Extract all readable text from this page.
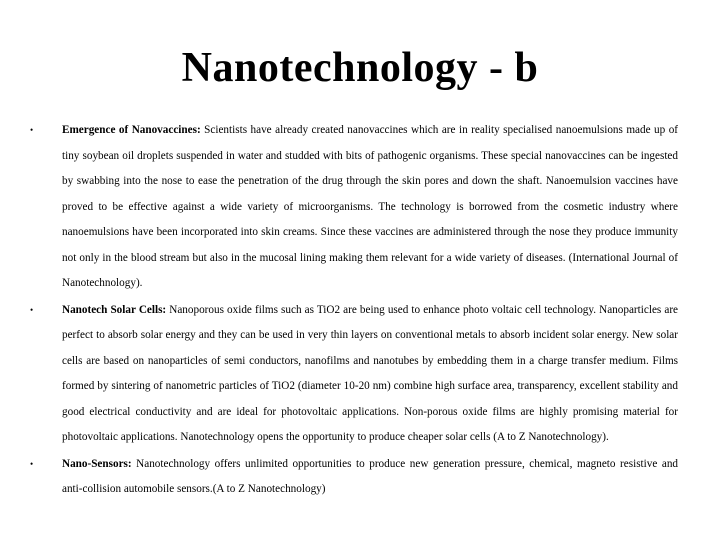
Nanotechnology - b
•	Emergence of Nanovaccines: Scientists have already created nanovaccines which are in reality specialised nanoemulsions made up of tiny soybean oil droplets suspended in water and studded with bits of pathogenic organisms. These special nanovaccines can be ingested by swabbing into the nose to ease the penetration of the drug through the skin pores and down the shaft. Nanoemulsion vaccines have proved to be effective against a wide variety of microorganisms. The technology is borrowed from the cosmetic industry where nanoemulsions have been incorporated into skin creams. Since these vaccines are administered through the nose they produce immunity not only in the blood stream but also in the mucosal lining making them relevant for a wide variety of diseases. (International Journal of Nanotechnology).
•	Nanotech Solar Cells: Nanoporous oxide films such as TiO2 are being used to enhance photo voltaic cell technology. Nanoparticles are perfect to absorb solar energy and they can be used in very thin layers on conventional metals to absorb incident solar energy. New solar cells are based on nanoparticles of semi conductors, nanofilms and nanotubes by embedding them in a charge transfer medium. Films formed by sintering of nanometric particles of TiO2 (diameter 10-20 nm) combine high surface area, transparency, excellent stability and good electrical conductivity and are ideal for photovoltaic applications. Non-porous oxide films are highly promising material for photovoltaic applications. Nanotechnology opens the opportunity to produce cheaper solar cells (A to Z Nanotechnology).
•	Nano-Sensors: Nanotechnology offers unlimited opportunities to produce new generation pressure, chemical, magneto resistive and anti-collision automobile sensors.(A to Z Nanotechnology)
